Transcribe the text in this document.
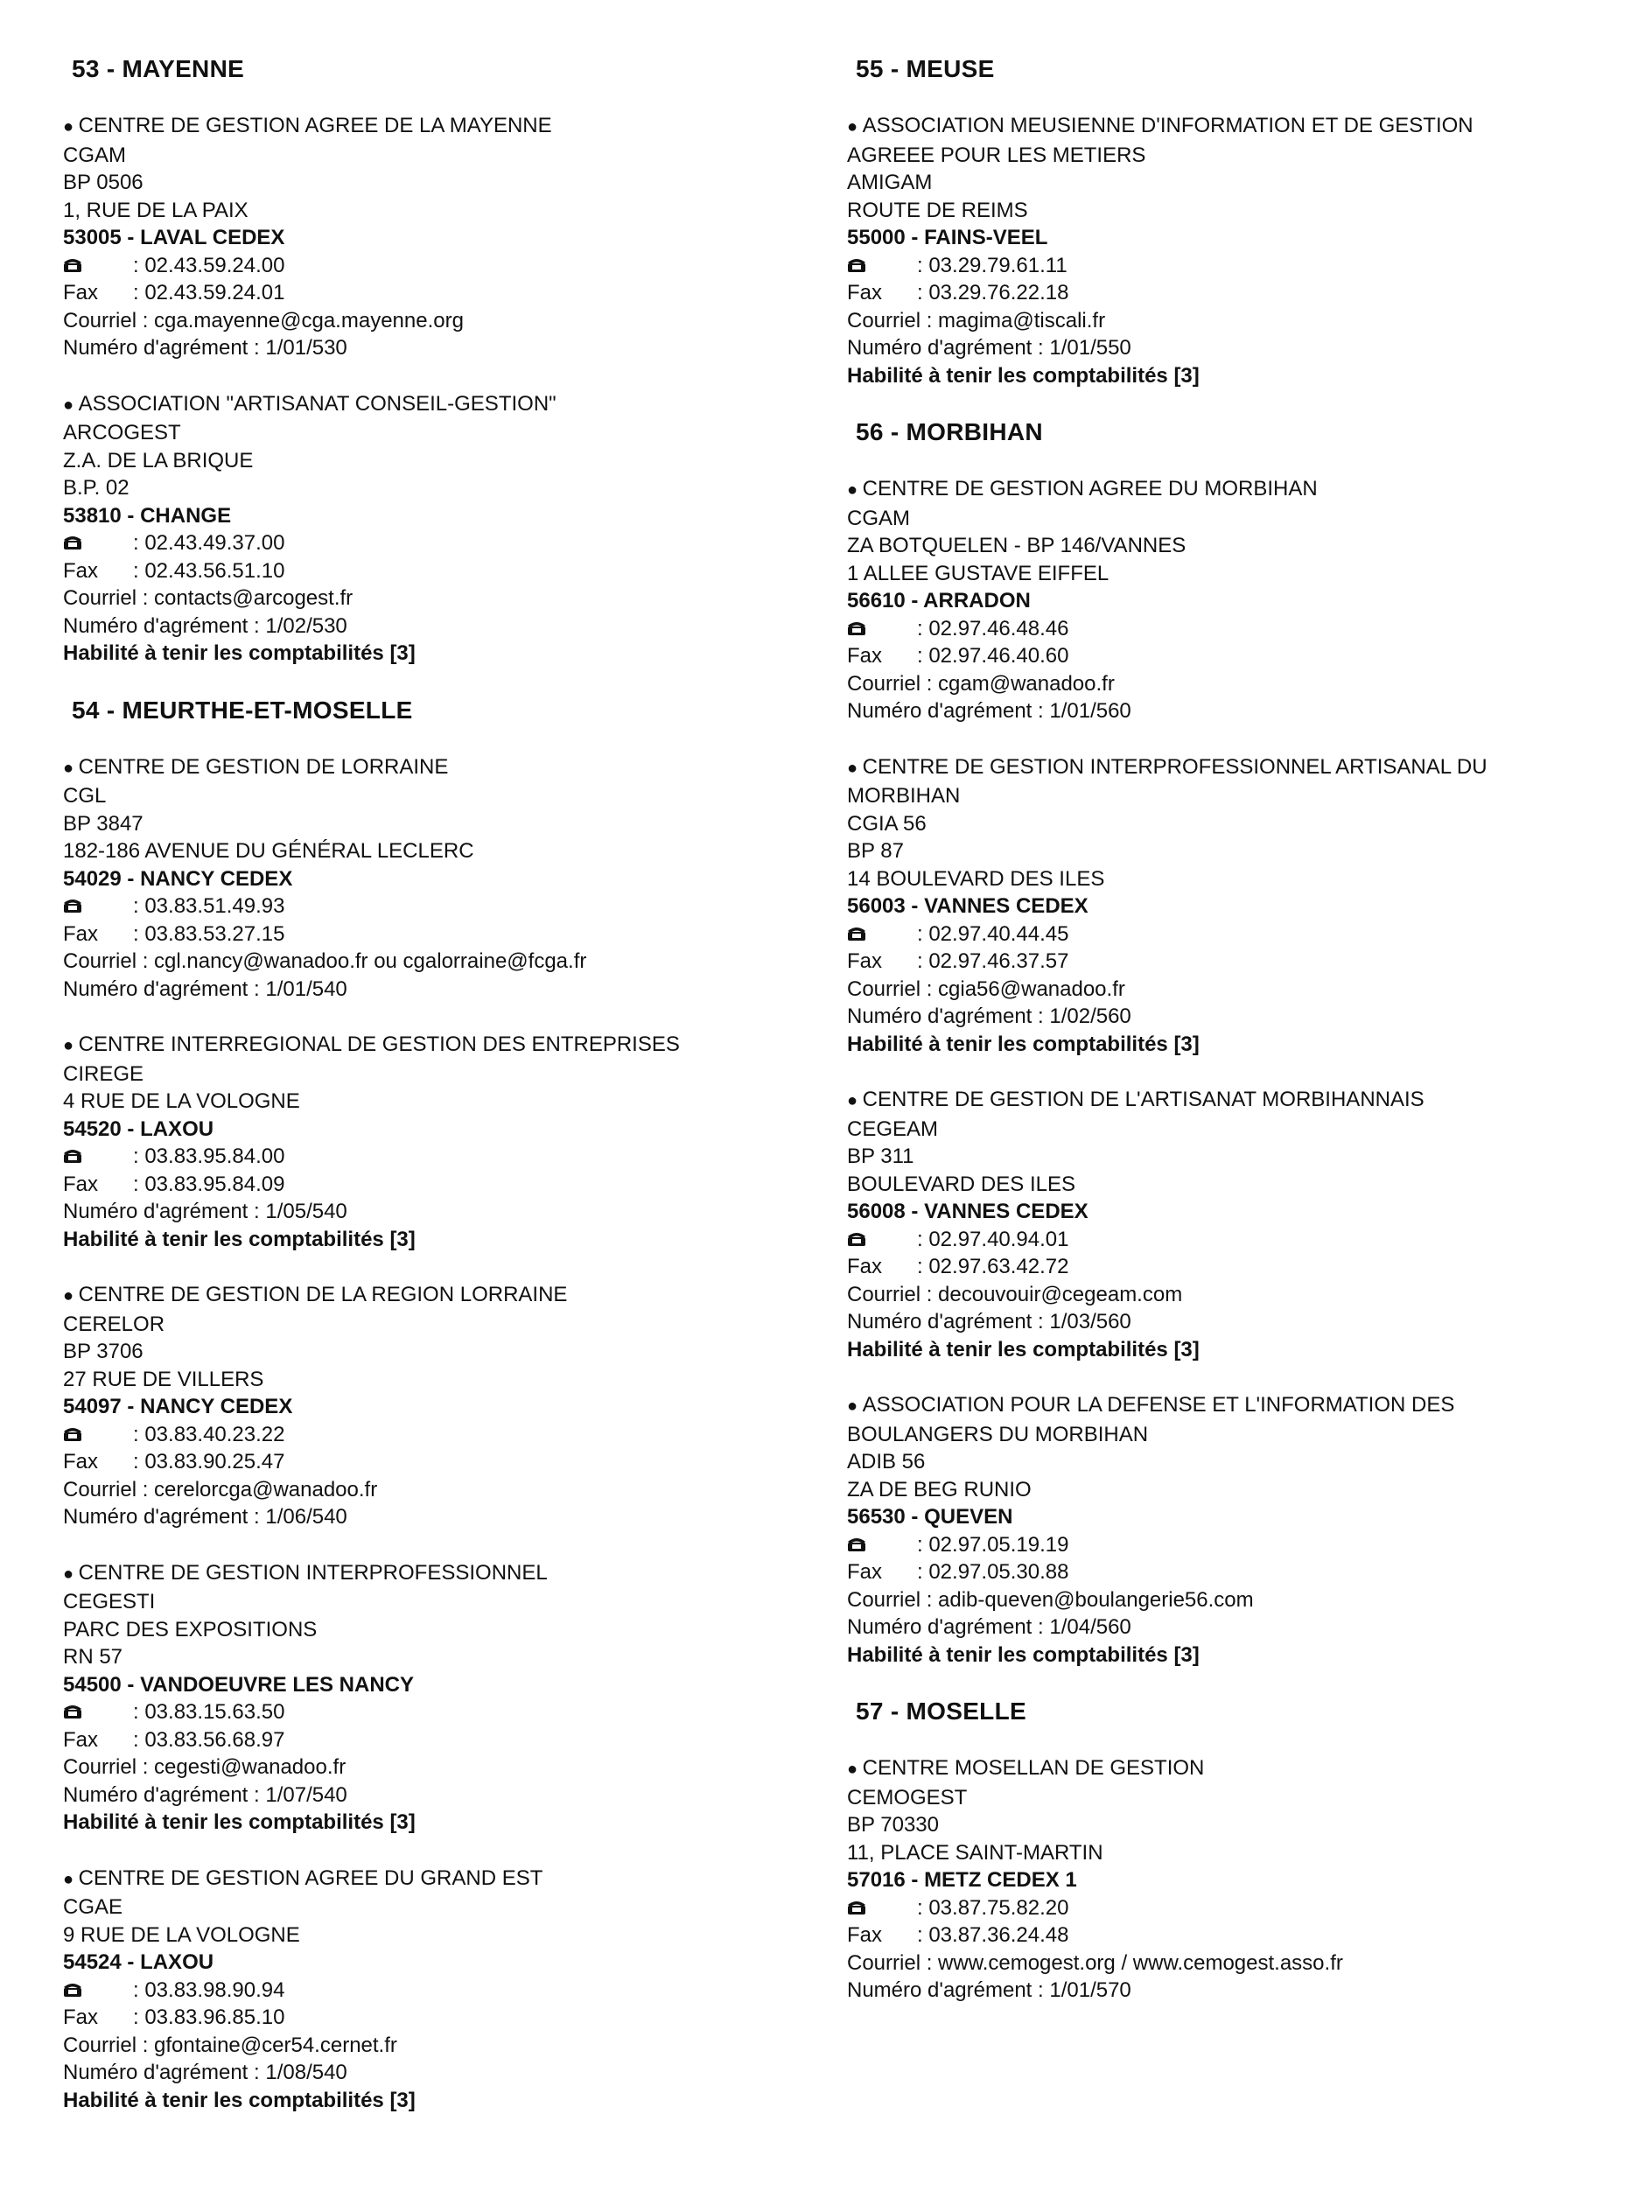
53 - MAYENNE
● CENTRE DE GESTION AGREE DE LA MAYENNE
CGAM
BP 0506
1, RUE DE LA PAIX
53005 - LAVAL CEDEX
: 02.43.59.24.00
Fax : 02.43.59.24.01
Courriel : cga.mayenne@cga.mayenne.org
Numéro d'agrément : 1/01/530
● ASSOCIATION "ARTISANAT CONSEIL-GESTION"
ARCOGEST
Z.A. DE LA BRIQUE
B.P. 02
53810 - CHANGE
: 02.43.49.37.00
Fax : 02.43.56.51.10
Courriel : contacts@arcogest.fr
Numéro d'agrément : 1/02/530
Habilité à tenir les comptabilités [3]
54 - MEURTHE-ET-MOSELLE
● CENTRE DE GESTION DE LORRAINE
CGL
BP 3847
182-186 AVENUE DU GÉNÉRAL LECLERC
54029 - NANCY CEDEX
: 03.83.51.49.93
Fax : 03.83.53.27.15
Courriel : cgl.nancy@wanadoo.fr ou cgalorraine@fcga.fr
Numéro d'agrément : 1/01/540
● CENTRE INTERREGIONAL DE GESTION DES ENTREPRISES
CIREGE
4 RUE DE LA VOLOGNE
54520 - LAXOU
: 03.83.95.84.00
Fax : 03.83.95.84.09
Numéro d'agrément : 1/05/540
Habilité à tenir les comptabilités [3]
● CENTRE DE GESTION DE LA REGION LORRAINE
CERELOR
BP 3706
27 RUE DE VILLERS
54097 - NANCY CEDEX
: 03.83.40.23.22
Fax : 03.83.90.25.47
Courriel : cerelorcga@wanadoo.fr
Numéro d'agrément : 1/06/540
● CENTRE DE GESTION INTERPROFESSIONNEL
CEGESTI
PARC DES EXPOSITIONS
RN 57
54500 - VANDOEUVRE LES NANCY
: 03.83.15.63.50
Fax : 03.83.56.68.97
Courriel : cegesti@wanadoo.fr
Numéro d'agrément : 1/07/540
Habilité à tenir les comptabilités [3]
● CENTRE DE GESTION AGREE DU GRAND EST
CGAE
9 RUE DE LA VOLOGNE
54524 - LAXOU
: 03.83.98.90.94
Fax : 03.83.96.85.10
Courriel : gfontaine@cer54.cernet.fr
Numéro d'agrément : 1/08/540
Habilité à tenir les comptabilités [3]
55 - MEUSE
● ASSOCIATION MEUSIENNE D'INFORMATION ET DE GESTION
AGREEE POUR LES METIERS
AMIGAM
ROUTE DE REIMS
55000 - FAINS-VEEL
: 03.29.79.61.11
Fax : 03.29.76.22.18
Courriel : magima@tiscali.fr
Numéro d'agrément : 1/01/550
Habilité à tenir les comptabilités [3]
56 - MORBIHAN
● CENTRE DE GESTION AGREE DU MORBIHAN
CGAM
ZA BOTQUELEN - BP 146/VANNES
1 ALLEE GUSTAVE EIFFEL
56610 - ARRADON
: 02.97.46.48.46
Fax : 02.97.46.40.60
Courriel : cgam@wanadoo.fr
Numéro d'agrément : 1/01/560
● CENTRE DE GESTION INTERPROFESSIONNEL ARTISANAL DU
MORBIHAN
CGIA 56
BP 87
14 BOULEVARD DES ILES
56003 - VANNES CEDEX
: 02.97.40.44.45
Fax : 02.97.46.37.57
Courriel : cgia56@wanadoo.fr
Numéro d'agrément : 1/02/560
Habilité à tenir les comptabilités [3]
● CENTRE DE GESTION DE L'ARTISANAT MORBIHANNAIS
CEGEAM
BP 311
BOULEVARD DES ILES
56008 - VANNES CEDEX
: 02.97.40.94.01
Fax : 02.97.63.42.72
Courriel : decouvouir@cegeam.com
Numéro d'agrément : 1/03/560
Habilité à tenir les comptabilités [3]
● ASSOCIATION POUR LA DEFENSE ET L'INFORMATION DES
BOULANGERS DU MORBIHAN
ADIB 56
ZA DE BEG RUNIO
56530 - QUEVEN
: 02.97.05.19.19
Fax : 02.97.05.30.88
Courriel : adib-queven@boulangerie56.com
Numéro d'agrément : 1/04/560
Habilité à tenir les comptabilités [3]
57 - MOSELLE
● CENTRE MOSELLAN DE GESTION
CEMOGEST
BP 70330
11, PLACE SAINT-MARTIN
57016 - METZ CEDEX 1
: 03.87.75.82.20
Fax : 03.87.36.24.48
Courriel : www.cemogest.org / www.cemogest.asso.fr
Numéro d'agrément : 1/01/570
